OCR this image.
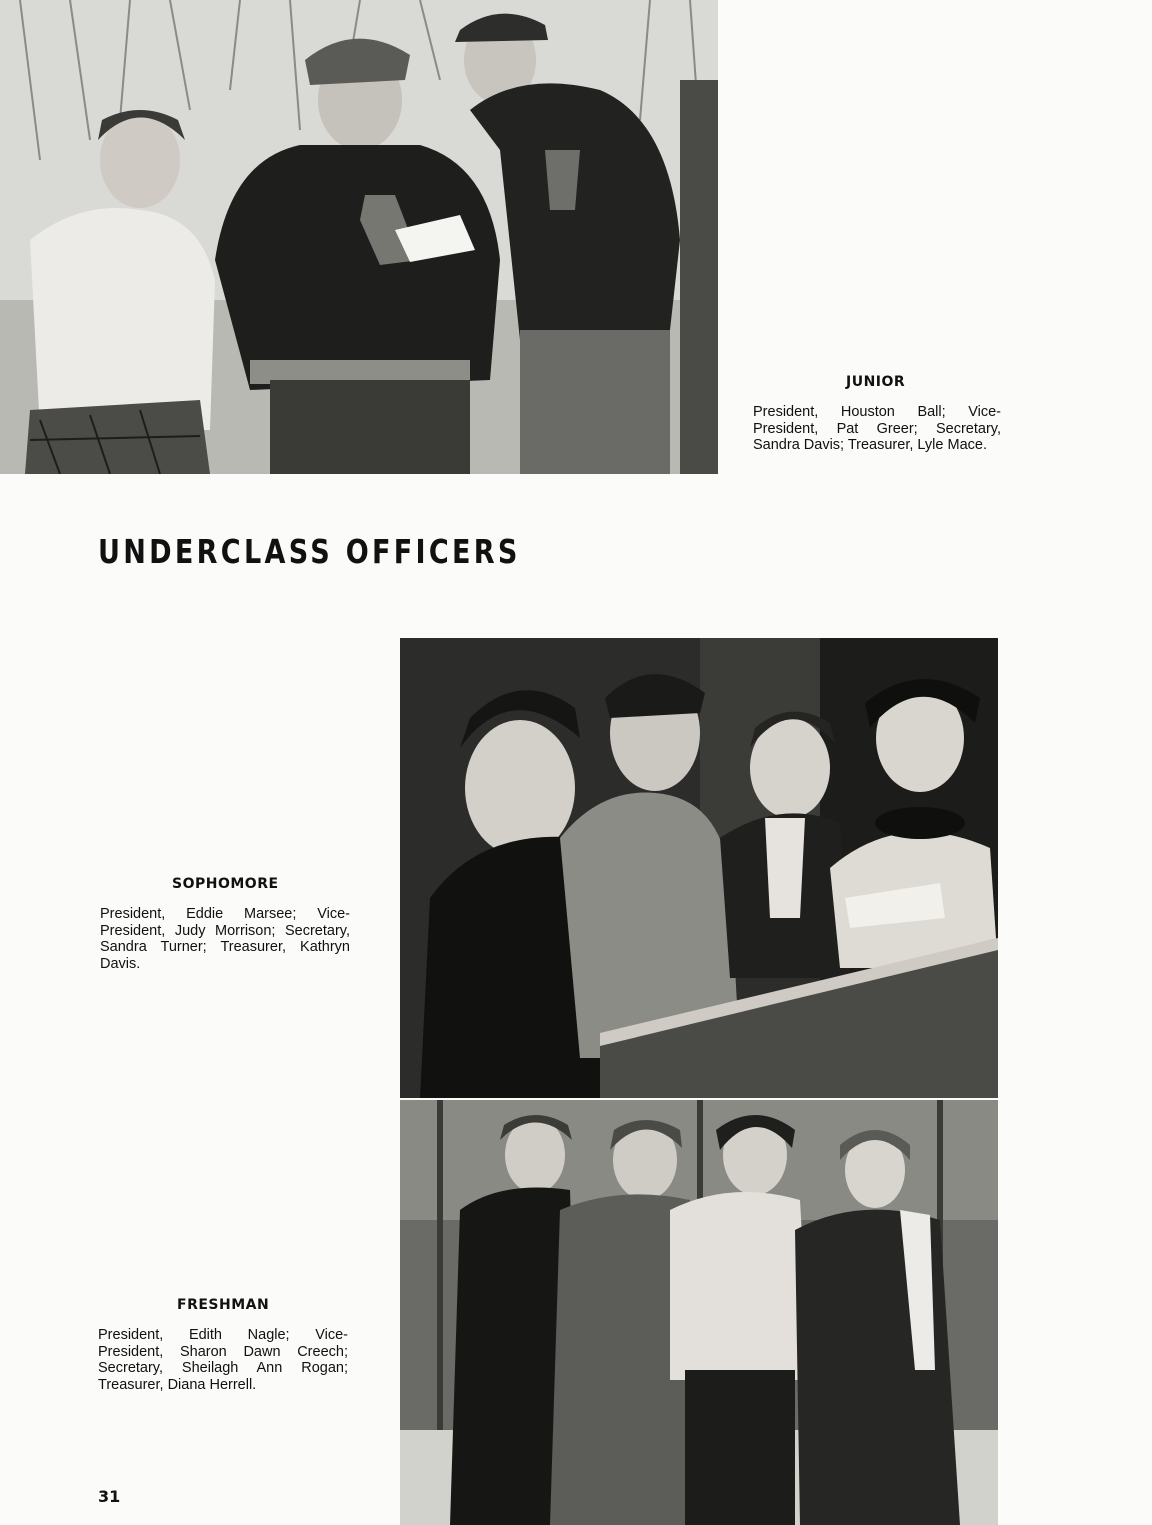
JUNIOR

President, Houston Ball; Vice-President, Pat Greer; Secretary, Sandra Davis; Treasurer, Lyle Mace.

UNDERCLASS OFFICERS
SOPHOMORE

President, Eddie Marsee; Vice-President, Judy Morrison; Secretary, Sandra Turner; Treasurer, Kathryn Davis.

FRESHMAN

President, Edith Nagle; Vice-President, Sharon Dawn Creech; Secretary, Sheilagh Ann Rogan; Treasurer, Diana Herrell.

31
